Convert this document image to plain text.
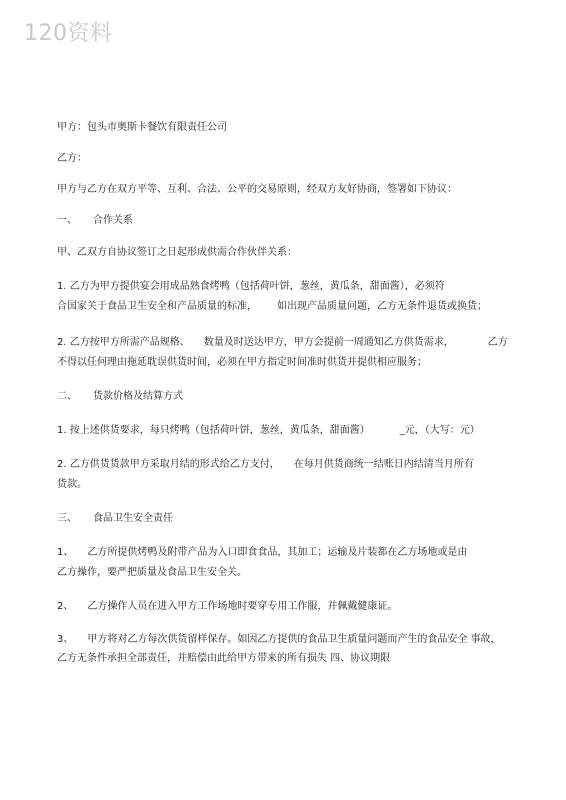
120资料
甲方：包头市奥斯卡餐饮有限责任公司
乙方：
甲方与乙方在双方平等、互利、合法、公平的交易原则，经双方友好协商，签署如下协议：
一、 合作关系
甲、乙双方自协议签订之日起形成供需合作伙伴关系：
1. 乙方为甲方提供宴会用成品熟食烤鸭（包括荷叶饼，葱丝，黄瓜条，甜面酱），必须符
合国家关于食品卫生安全和产品质量的标准， 如出现产品质量问题，乙方无条件退货或换货；
2. 乙方按甲方所需产品规格、 数量及时送达甲方，甲方会提前一周通知乙方供货需求，	乙方
不得以任何理由拖延耽误供货时间，必须在甲方指定时间准时供货并提供相应服务；
二、 货款价格及结算方式
1. 按上述供货要求，每只烤鸭（包括荷叶饼，葱丝，黄瓜条，甜面酱）	_元，（大写：元）
2. 乙方供货货款甲方采取月结的形式给乙方支付， 在每月供货商统一结账日内结清当月所有
货款。
三、 食品卫生安全责任
1、 乙方所提供烤鸭及附带产品为入口即食食品，其加工；运输及片装都在乙方场地或是由
乙方操作，要严把质量及食品卫生安全关。
2、 乙方操作人员在进入甲方工作场地时要穿专用工作服，并佩戴健康证。
3、 甲方将对乙方每次供货留样保存。如因乙方提供的食品卫生质量问题而产生的食品安全 事故，
乙方无条件承担全部责任，并赔偿由此给甲方带来的所有损失 四、协议期限
